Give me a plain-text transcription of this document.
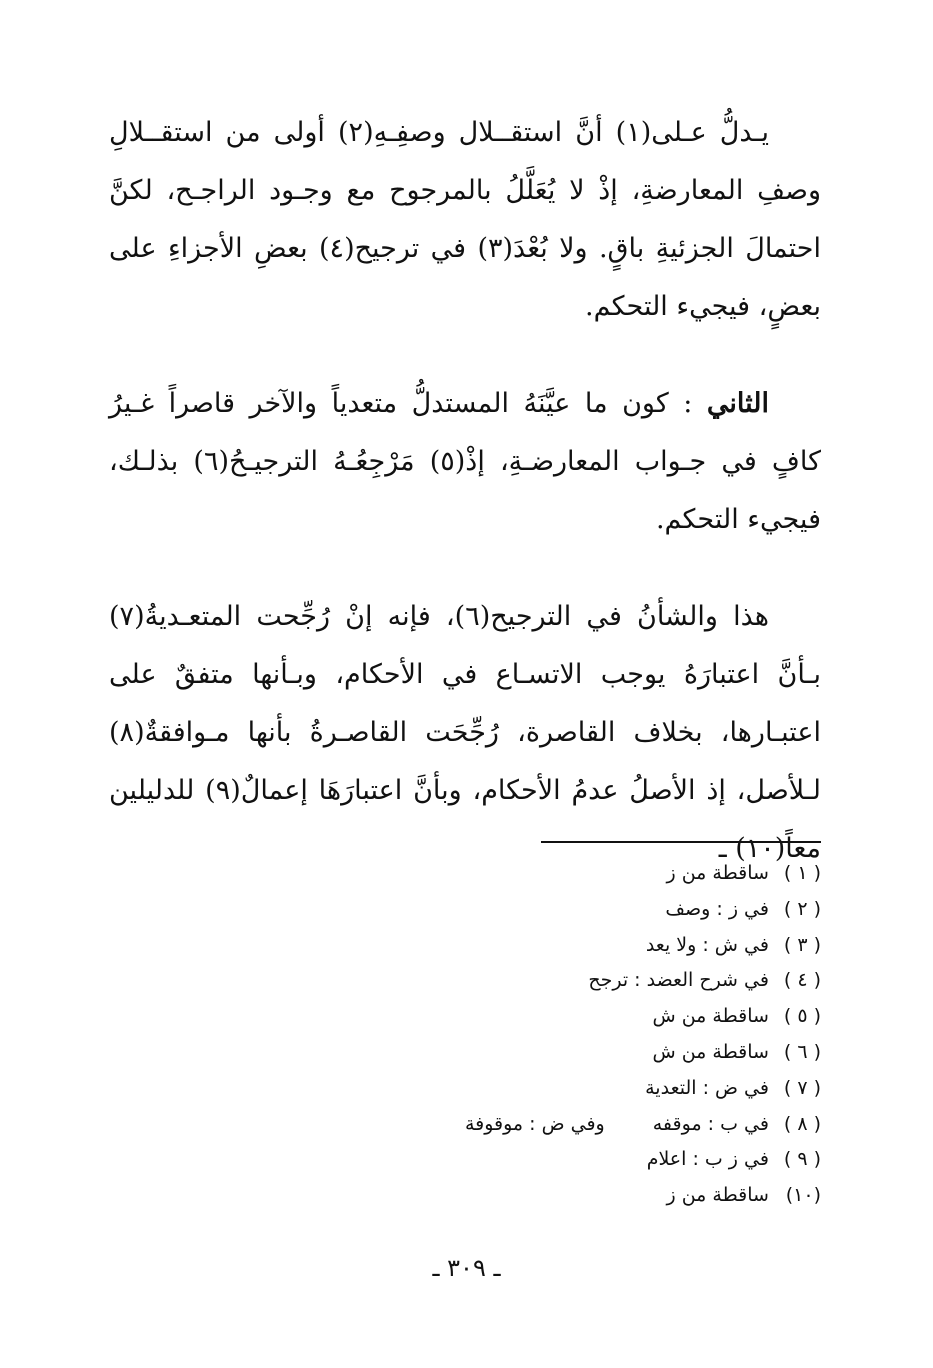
يـدلُّ عـلى(١) أنَّ استقــلال وصفِـهِ(٢) أولى من استقــلالِ وصفِ المعارضةِ، إذْ لا يُعَلَّلُ بالمرجوح مع وجـود الراجـح، لكنَّ احتمالَ الجزئيةِ باقٍ. ولا بُعْدَ(٣) في ترجيح(٤) بعضِ الأجزاءِ على بعضٍ، فيجيء التحكم.

الثاني : كون ما عيَّنَهُ المستدلُّ متعدياً والآخر قاصراً غـيرُ كافٍ في جـواب المعارضـةِ، إذْ(٥) مَرْجِعُـهُ الترجيـحُ(٦) بذلـك، فيجيء التحكم.

هذا والشأنُ في الترجيح(٦)، فإنه إنْ رُجِّحت المتعـديةُ(٧) بـأنَّ اعتبارَهُ يوجب الاتسـاع في الأحكام، وبـأنها متفقٌ على اعتبـارها، بخلاف القاصرة، رُجِّحَت القاصـرةُ بأنها مـوافقةٌ(٨) لـلأصل، إذ الأصلُ عدمُ الأحكام، وبأنَّ اعتبارَهَا إعمالٌ(٩) للدليلين معاً(١٠) ـ

( ١ ) ساقطة من ز
( ٢ ) في ز : وصف
( ٣ ) في ش : ولا يعد
( ٤ ) في شرح العضد : ترجح
( ٥ ) ساقطة من ش
( ٦ ) ساقطة من ش
( ٧ ) في ض : التعدية
( ٨ ) في ب : موقفه وفي ض : موقوفة
( ٩ ) في ز ب : اعلام
(١٠) ساقطة من ز
ـ ٣٠٩ ـ
